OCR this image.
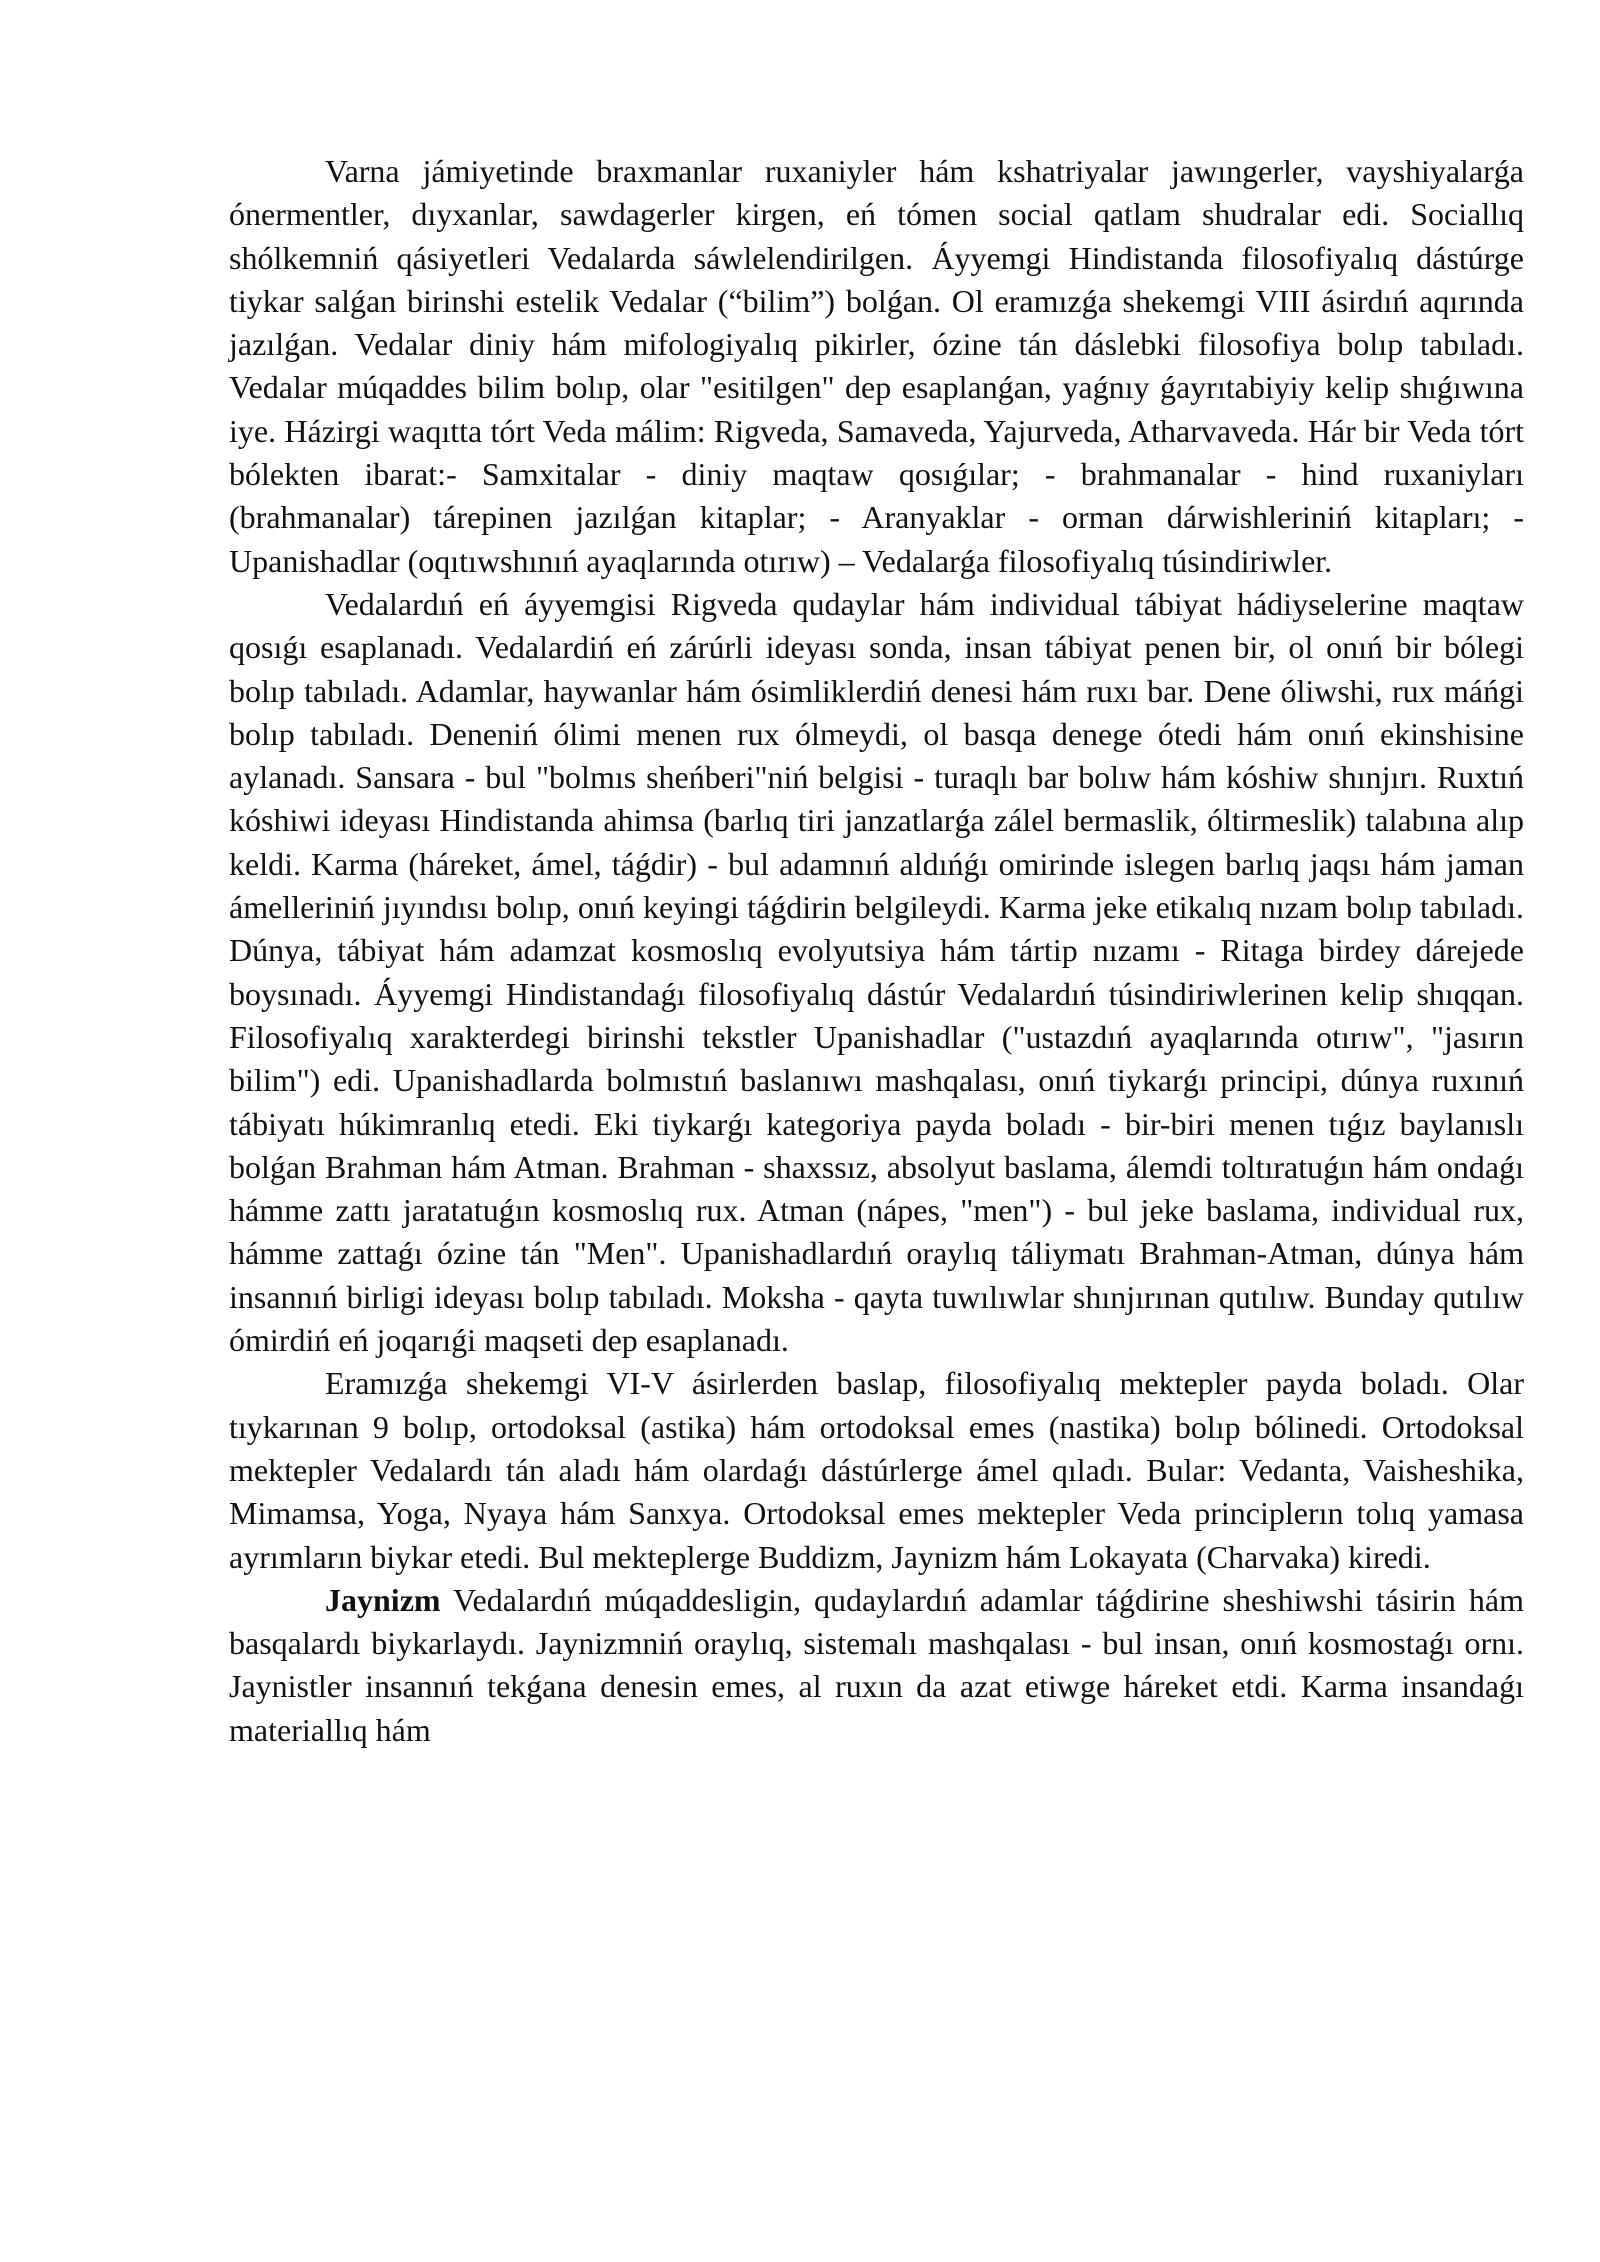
Varna jámiyetinde braxmanlar ruxaniyler hám kshatriyalar jawıngerler, vayshiyalarǵa ónermentler, dıyxanlar, sawdagerler kirgen, eń tómen social qatlam shudralar edi. Sociallıq shólkemniń qásiyetleri Vedalarda sáwlelendirilgen. Áyyemgi Hindistanda filosofiyalıq dástúrge tiykar salǵan birinshi estelik Vedalar (“bilim”) bolǵan. Ol eramızǵa shekemgi VIII ásirdıń aqırında jazılǵan. Vedalar diniy hám mifologiyalıq pikirler, ózine tán dáslebki filosofiya bolıp tabıladı. Vedalar múqaddes bilim bolıp, olar "esitilgen" dep esaplanǵan, yaǵnıy ǵayrıtabiyiy kelip shıǵıwına iye. Házirgi waqıtta tórt Veda málim: Rigveda, Samaveda, Yajurveda, Atharvaveda. Hár bir Veda tórt bólekten ibarat:- Samxitalar - diniy maqtaw qosıǵılar; - brahmanalar - hind ruxaniyları (brahmanalar) tárepinen jazılǵan kitaplar; - Aranyaklar - orman dárwishleriniń kitapları; - Upanishadlar (oqıtıwshınıń ayaqlarında otırıw) – Vedalarǵa filosofiyalıq túsindiriwler.

Vedalardıń eń áyyemgisi Rigveda qudaylar hám individual tábiyat hádiyselerine maqtaw qosıǵı esaplanadı. Vedalardiń eń zárúrli ideyası sonda, insan tábiyat penen bir, ol onıń bir bólegi bolıp tabıladı. Adamlar, haywanlar hám ósimliklerdiń denesi hám ruxı bar. Dene óliwshi, rux máńgi bolıp tabıladı. Deneniń ólimi menen rux ólmeydi, ol basqa denege ótedi hám onıń ekinshisine aylanadı. Sansara - bul "bolmıs sheńberi"niń belgisi - turaqlı bar bolıw hám kóshiw shınjırı. Ruxtıń kóshiwi ideyası Hindistanda ahimsa (barlıq tiri janzatlarǵa zálel bermaslik, óltirmeslik) talabına alıp keldi. Karma (háreket, ámel, táǵdir) - bul adamnıń aldıńǵı omirinde islegen barlıq jaqsı hám jaman ámelleriniń jıyındısı bolıp, onıń keyingi táǵdirin belgileydi. Karma jeke etikalıq nızam bolıp tabıladı. Dúnya, tábiyat hám adamzat kosmoslıq evolyutsiya hám tártip nızamı - Ritaga birdey dárejede boysınadı. Áyyemgi Hindistandaǵı filosofiyalıq dástúr Vedalardıń túsindiriwlerinen kelip shıqqan. Filosofiyalıq xarakterdegi birinshi tekstler Upanishadlar ("ustazdıń ayaqlarında otırıw", "jasırın bilim") edi. Upanishadlarda bolmıstıń baslanıwı mashqalası, onıń tiykarǵı principi, dúnya ruxınıń tábiyatı húkimranlıq etedi. Eki tiykarǵı kategoriya payda boladı - bir-biri menen tıǵız baylanıslı bolǵan Brahman hám Atman. Brahman - shaxssız, absolyut baslama, álemdi toltıratuǵın hám ondaǵı hámme zattı jaratatuǵın kosmoslıq rux. Atman (nápes, "men") - bul jeke baslama, individual rux, hámme zattaǵı ózine tán "Men". Upanishadlardıń oraylıq táliymatı Brahman-Atman, dúnya hám insannıń birligi ideyası bolıp tabıladı. Moksha - qayta tuwılıwlar shınjırınan qutılıw. Bunday qutılıw ómirdiń eń joqarıǵi maqseti dep esaplanadı.

Eramızǵa shekemgi VI-V ásirlerden baslap, filosofiyalıq mektepler payda boladı. Olar tıykarınan 9 bolıp, ortodoksal (astika) hám ortodoksal emes (nastika) bolıp bólinedi. Ortodoksal mektepler Vedalardı tán aladı hám olardaǵı dástúrlerge ámel qıladı. Bular: Vedanta, Vaisheshika, Mimamsa, Yoga, Nyaya hám Sanxya. Ortodoksal emes mektepler Veda principlerın tolıq yamasa ayrımların biykar etedi. Bul mekteplerge Buddizm, Jaynizm hám Lokayata (Charvaka) kiredi.

Jaynizm Vedalardıń múqaddesligin, qudaylardıń adamlar táǵdirine sheshiwshi tásirin hám basqalardı biykarlaydı. Jaynizmniń oraylıq, sistemalı mashqalası - bul insan, onıń kosmostaǵı ornı. Jaynistler insannıń tekǵana denesin emes, al ruxın da azat etiwge háreket etdi. Karma insandaǵı materiallıq hám
